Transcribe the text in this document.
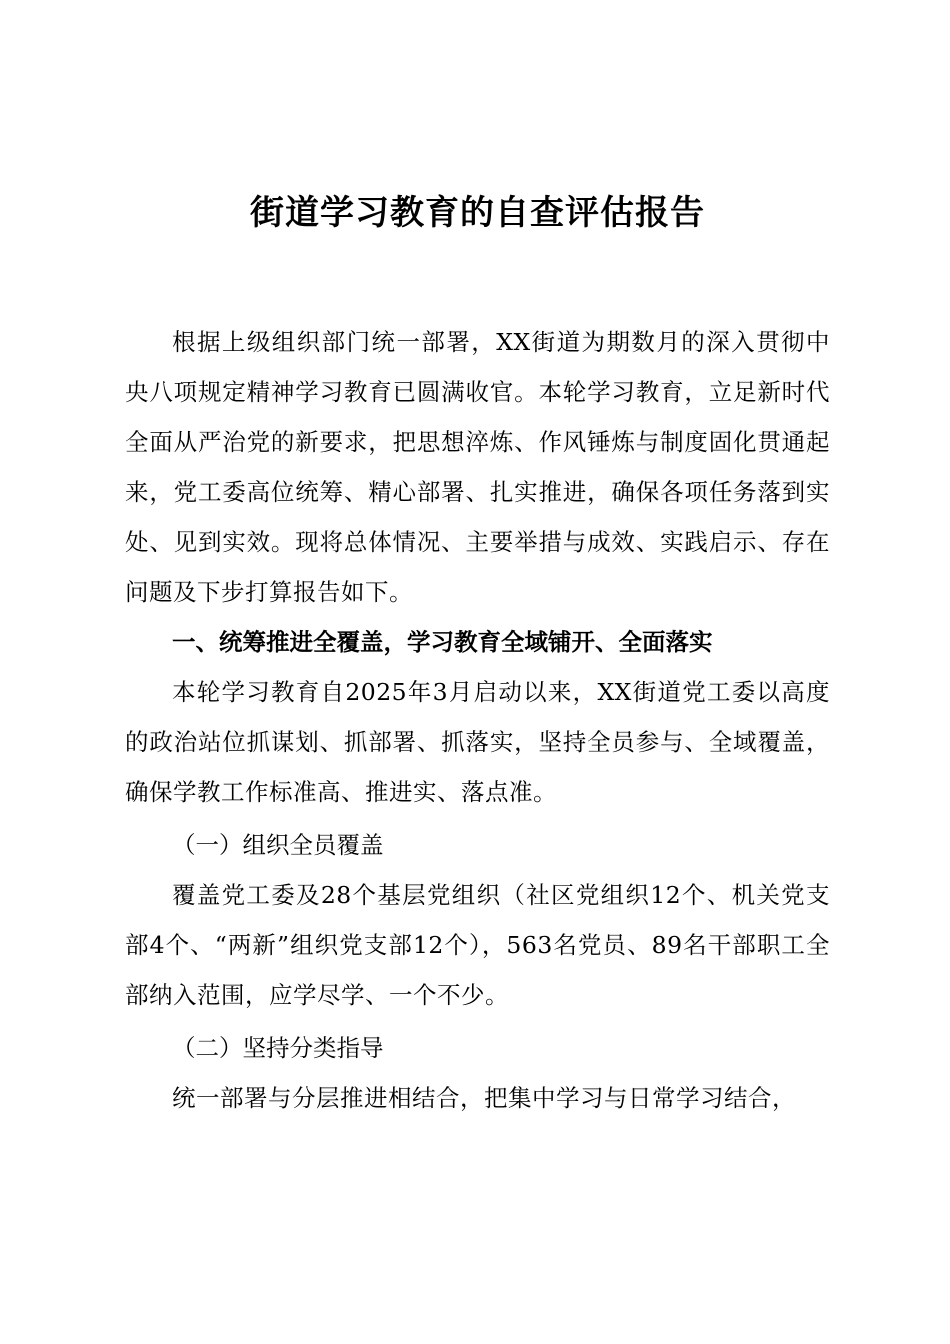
街道学习教育的自查评估报告

根据上级组织部门统一部署，XX街道为期数月的深入贯彻中央八项规定精神学习教育已圆满收官。本轮学习教育，立足新时代全面从严治党的新要求，把思想淬炼、作风锤炼与制度固化贯通起来，党工委高位统筹、精心部署、扎实推进，确保各项任务落到实处、见到实效。现将总体情况、主要举措与成效、实践启示、存在问题及下步打算报告如下。

一、统筹推进全覆盖，学习教育全域铺开、全面落实

本轮学习教育自2025年3月启动以来，XX街道党工委以高度的政治站位抓谋划、抓部署、抓落实，坚持全员参与、全域覆盖，确保学教工作标准高、推进实、落点准。

（一）组织全员覆盖

覆盖党工委及28个基层党组织（社区党组织12个、机关党支部4个、“两新”组织党支部12个），563名党员、89名干部职工全部纳入范围，应学尽学、一个不少。

（二）坚持分类指导

统一部署与分层推进相结合，把集中学习与日常学习结合，
